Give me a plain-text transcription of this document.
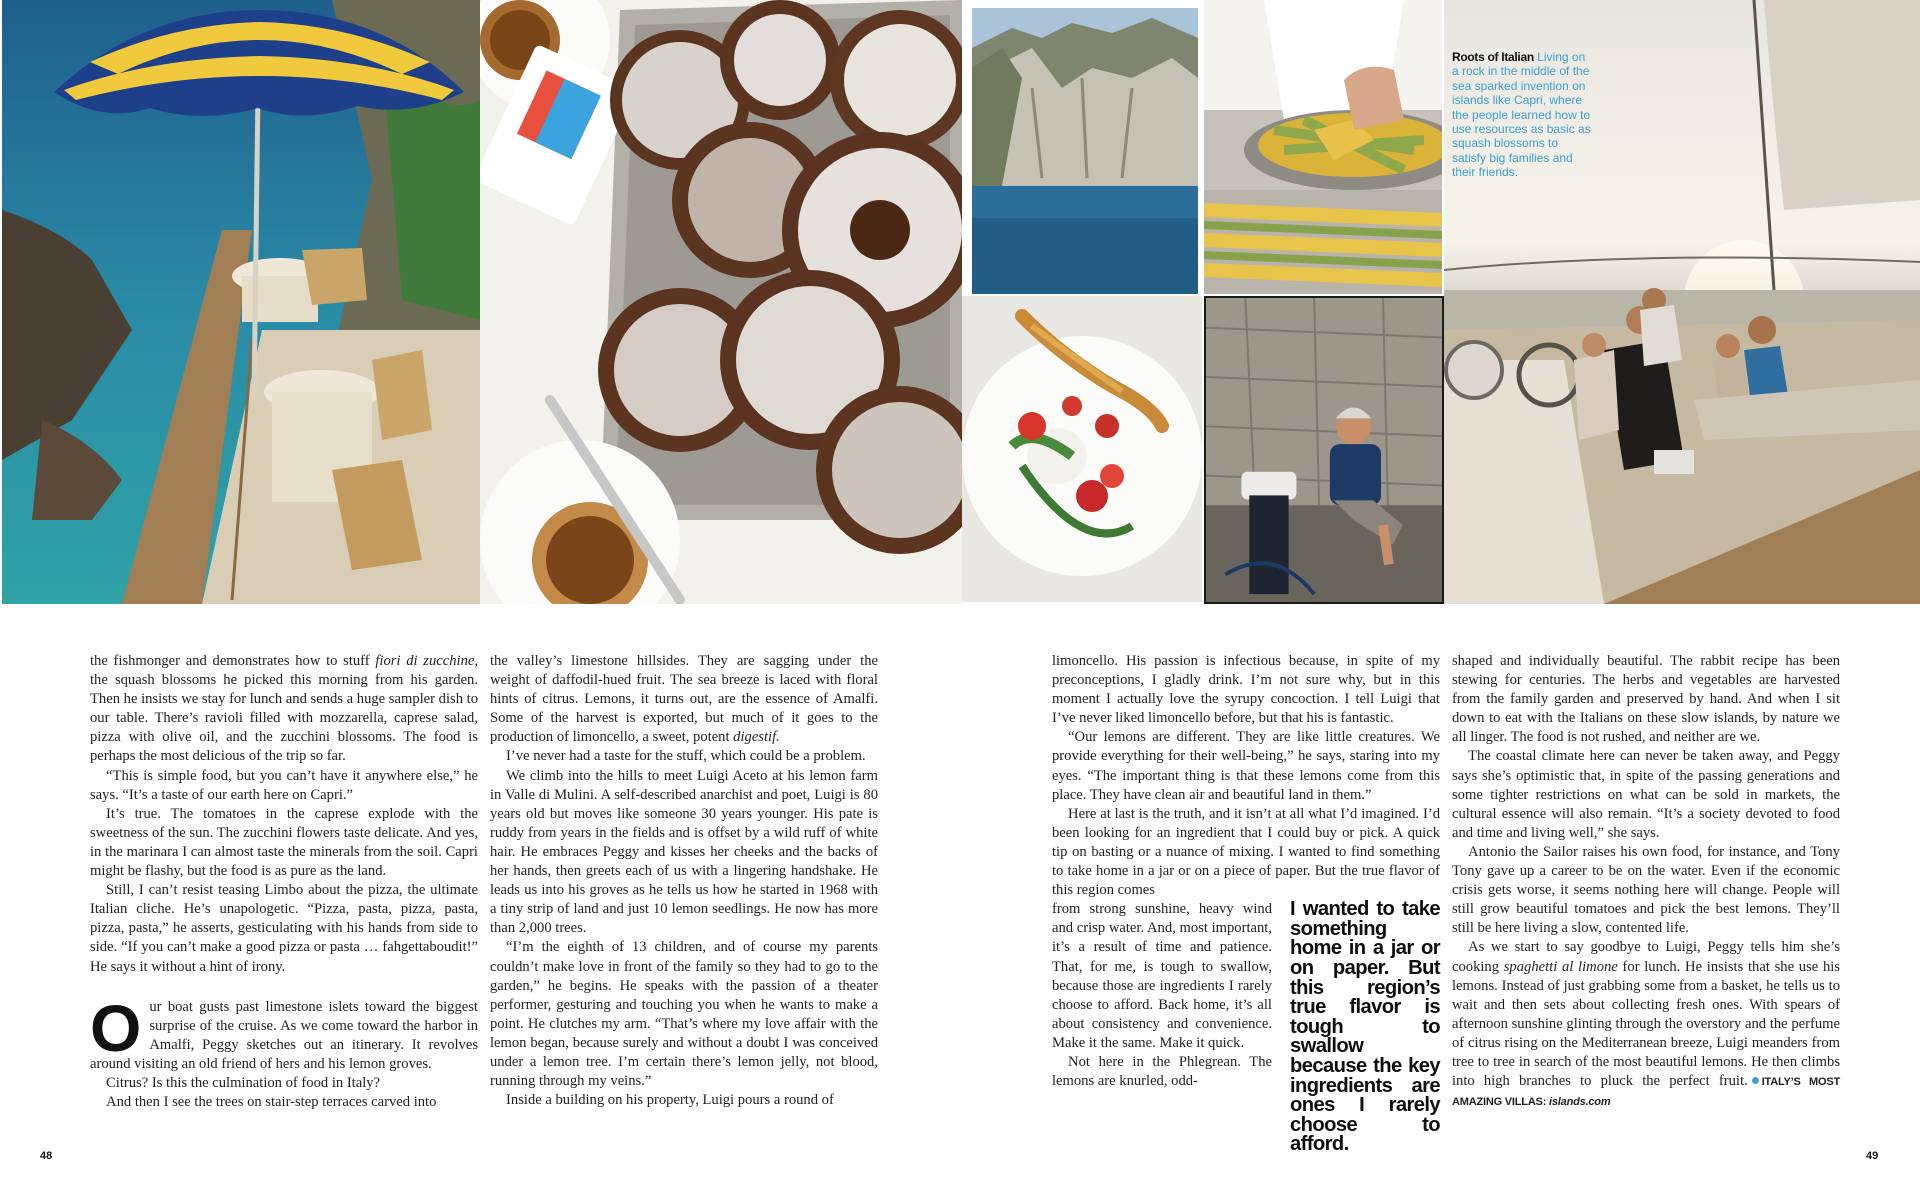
Roots of Italian Living on a rock in the middle of the sea sparked invention on islands like Capri, where the people learned how to use resources as basic as squash blossoms to satisfy big families and their friends.

the fishmonger and demonstrates how to stuff fiori di zucchine, the squash blossoms he picked this morning from his garden. Then he insists we stay for lunch and sends a huge sampler dish to our table. There’s ravioli filled with mozzarella, caprese salad, pizza with olive oil, and the zucchini blossoms. The food is perhaps the most delicious of the trip so far.

“This is simple food, but you can’t have it anywhere else,” he says. “It’s a taste of our earth here on Capri.”

It’s true. The tomatoes in the caprese explode with the sweetness of the sun. The zucchini flowers taste delicate. And yes, in the marinara I can almost taste the minerals from the soil. Capri might be flashy, but the food is as pure as the land.

Still, I can’t resist teasing Limbo about the pizza, the ultimate Italian cliche. He’s unapologetic. “Pizza, pasta, pizza, pasta, pizza, pasta,” he asserts, gesticulating with his hands from side to side. “If you can’t make a good pizza or pasta … fahgettaboudit!” He says it without a hint of irony.

Our boat gusts past limestone islets toward the biggest surprise of the cruise. As we come toward the harbor in Amalfi, Peggy sketches out an itinerary. It revolves around visiting an old friend of hers and his lemon groves.

Citrus? Is this the culmination of food in Italy?

And then I see the trees on stair-step terraces carved into

the valley’s limestone hillsides. They are sagging under the weight of daffodil-hued fruit. The sea breeze is laced with floral hints of citrus. Lemons, it turns out, are the essence of Amalfi. Some of the harvest is exported, but much of it goes to the production of limoncello, a sweet, potent digestif.

I’ve never had a taste for the stuff, which could be a problem.

We climb into the hills to meet Luigi Aceto at his lemon farm in Valle di Mulini. A self-described anarchist and poet, Luigi is 80 years old but moves like someone 30 years younger. His pate is ruddy from years in the fields and is offset by a wild ruff of white hair. He embraces Peggy and kisses her cheeks and the backs of her hands, then greets each of us with a lingering handshake. He leads us into his groves as he tells us how he started in 1968 with a tiny strip of land and just 10 lemon seedlings. He now has more than 2,000 trees.

“I’m the eighth of 13 children, and of course my parents couldn’t make love in front of the family so they had to go to the garden,” he begins. He speaks with the passion of a theater performer, gesturing and touching you when he wants to make a point. He clutches my arm. “That’s where my love affair with the lemon began, because surely and without a doubt I was conceived under a lemon tree. I’m certain there’s lemon jelly, not blood, running through my veins.”

Inside a building on his property, Luigi pours a round of

limoncello. His passion is infectious because, in spite of my preconceptions, I gladly drink. I’m not sure why, but in this moment I actually love the syrupy concoction. I tell Luigi that I’ve never liked limoncello before, but that his is fantastic.

“Our lemons are different. They are like little creatures. We provide everything for their well-being,” he says, staring into my eyes. “The important thing is that these lemons come from this place. They have clean air and beautiful land in them.”

Here at last is the truth, and it isn’t at all what I’d imagined. I’d been looking for an ingredient that I could buy or pick. A quick tip on basting or a nuance of mixing. I wanted to find something to take home in a jar or on a piece of paper. But the true flavor of this region comes

from strong sunshine, heavy wind and crisp water. And, most important, it’s a result of time and patience. That, for me, is tough to swallow, because those are ingredients I rarely choose to afford. Back home, it’s all about consistency and convenience. Make it the same. Make it quick.

Not here in the Phlegrean. The lemons are knurled, odd-

I wanted to take something home in a jar or on paper. But this region’s true flavor is tough to swallow because the key ingredients are ones I rarely choose to afford.

shaped and individually beautiful. The rabbit recipe has been stewing for centuries. The herbs and vegetables are harvested from the family garden and preserved by hand. And when I sit down to eat with the Italians on these slow islands, by nature we all linger. The food is not rushed, and neither are we.

The coastal climate here can never be taken away, and Peggy says she’s optimistic that, in spite of the passing generations and some tighter restrictions on what can be sold in markets, the cultural essence will also remain. “It’s a society devoted to food and time and living well,” she says.

Antonio the Sailor raises his own food, for instance, and Tony Tony gave up a career to be on the water. Even if the economic crisis gets worse, it seems nothing here will change. People will still grow beautiful tomatoes and pick the best lemons. They’ll still be here living a slow, contented life.

As we start to say goodbye to Luigi, Peggy tells him she’s cooking spaghetti al limone for lunch. He insists that she use his lemons. Instead of just grabbing some from a basket, he tells us to wait and then sets about collecting fresh ones. With spears of afternoon sunshine glinting through the overstory and the perfume of citrus rising on the Mediterranean breeze, Luigi meanders from tree to tree in search of the most beautiful lemons. He then climbs into high branches to pluck the perfect fruit. ITALY’S MOST AMAZING VILLAS: islands.com

48	49
